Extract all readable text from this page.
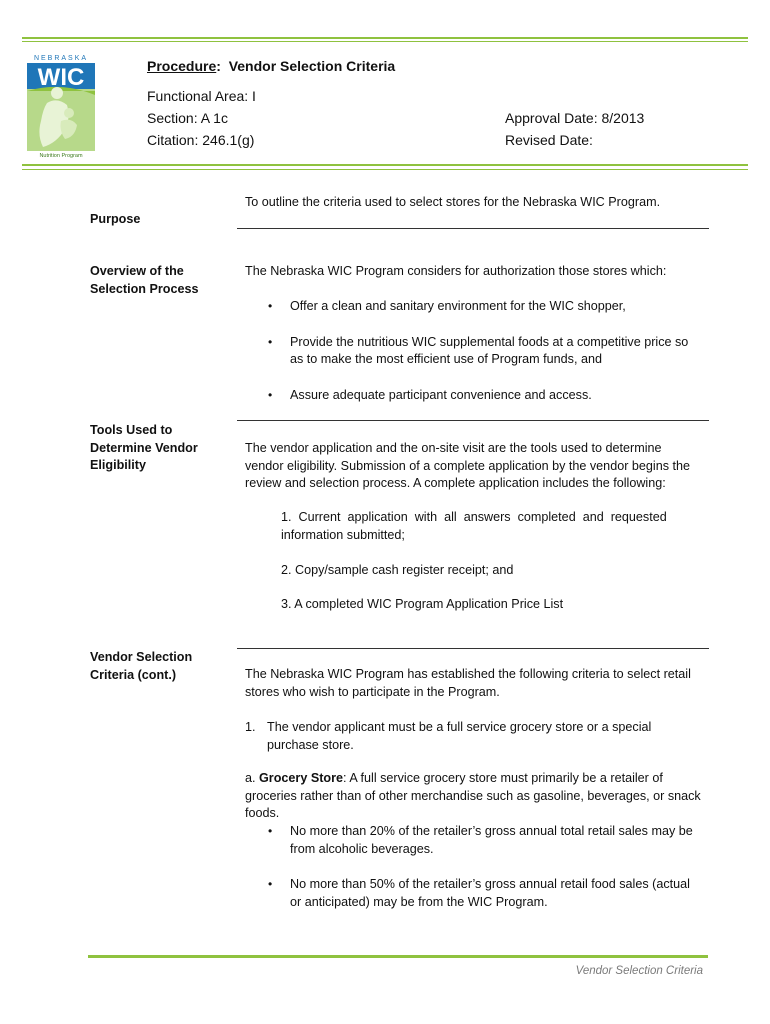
WIC
NEBRASKA
Nutrition Program
Procedure:  Vendor Selection Criteria
Functional Area: I
Section: A 1c
Citation: 246.1(g)
Approval Date: 8/2013
Revised Date:
Purpose
To outline the criteria used to select stores for the Nebraska WIC Program.
Overview of the
Selection Process
The Nebraska WIC Program considers for authorization those stores which:
• Offer a clean and sanitary environment for the WIC shopper,
• Provide the nutritious WIC supplemental foods at a competitive price so
as to make the most efficient use of Program funds, and
• Assure adequate participant convenience and access.
Tools Used to
Determine Vendor
Eligibility
The vendor application and the on-site visit are the tools used to determine
vendor eligibility. Submission of a complete application by the vendor begins the
review and selection process. A complete application includes the following:
1.  Current  application  with  all  answers  completed  and  requested
information submitted;
2. Copy/sample cash register receipt; and
3. A completed WIC Program Application Price List
Vendor Selection
Criteria (cont.)	The Nebraska WIC Program has established the following criteria to select retail
stores who wish to participate in the Program.
1. The vendor applicant must be a full service grocery store or a special
purchase store.
a. Grocery Store: A full service grocery store must primarily be a retailer of
groceries rather than of other merchandise such as gasoline, beverages, or snack
foods.
• No more than 20% of the retailer’s gross annual total retail sales may be
from alcoholic beverages.
• No more than 50% of the retailer’s gross annual retail food sales (actual
or anticipated) may be from the WIC Program.
Vendor Selection Criteria
